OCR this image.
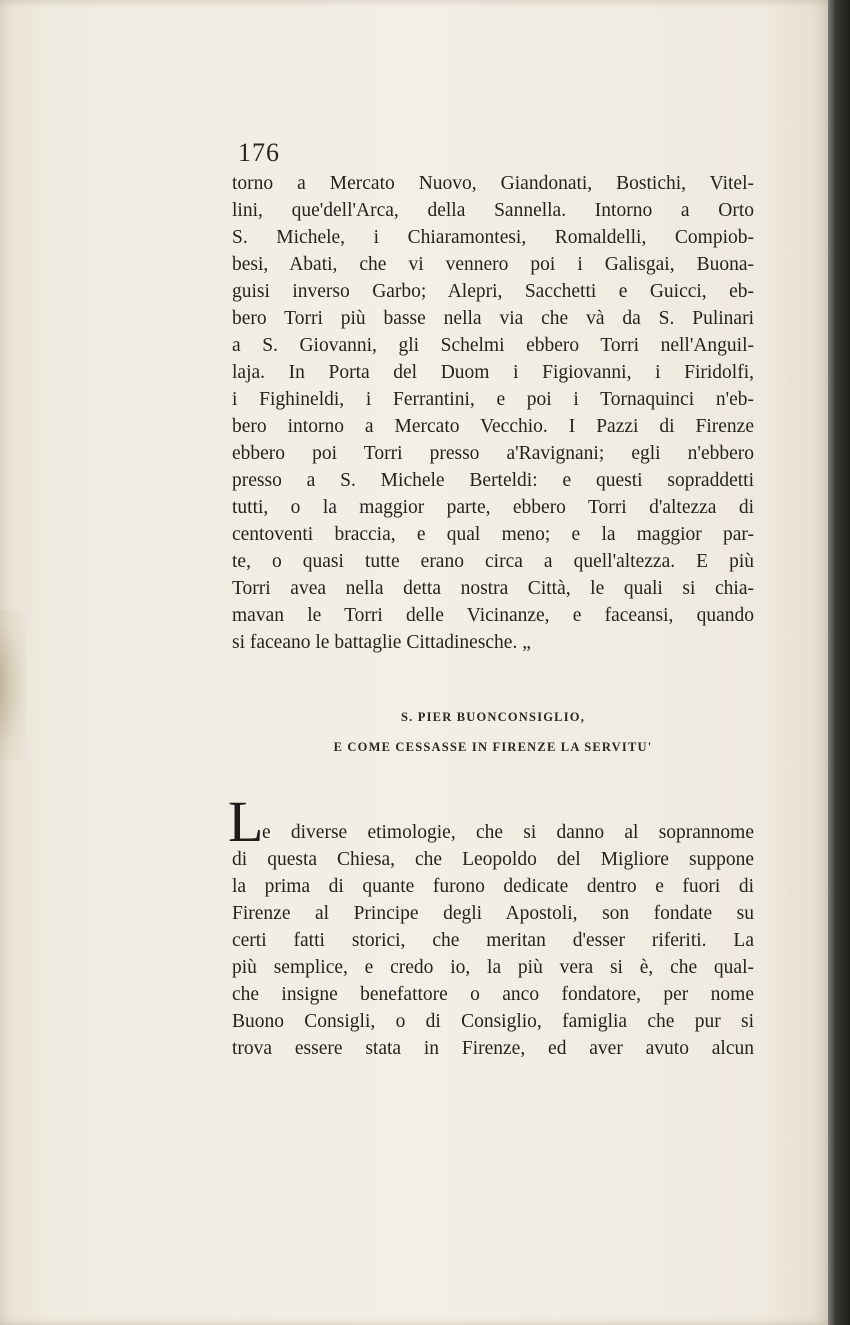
176
torno a Mercato Nuovo, Giandonati, Bostichi, Vitel-
lini, que'dell'Arca, della Sannella. Intorno a Orto
S. Michele, i Chiaramontesi, Romaldelli, Compiob-
besi, Abati, che vi vennero poi i Galisgai, Buona-
guisi inverso Garbo; Alepri, Sacchetti e Guicci, eb-
bero Torri più basse nella via che và da S. Pulinari
a S. Giovanni, gli Schelmi ebbero Torri nell'Anguil-
laja. In Porta del Duom i Figiovanni, i Firidolfi,
i Fighineldi, i Ferrantini, e poi i Tornaquinci n'eb-
bero intorno a Mercato Vecchio. I Pazzi di Firenze
ebbero poi Torri presso a'Ravignani; egli n'ebbero
presso a S. Michele Berteldi: e questi sopraddetti
tutti, o la maggior parte, ebbero Torri d'altezza di
centoventi braccia, e qual meno; e la maggior par-
te, o quasi tutte erano circa a quell'altezza. E più
Torri avea nella detta nostra Città, le quali si chia-
mavan le Torri delle Vicinanze, e faceansi, quando
si faceano le battaglie Cittadinesche. „
S. PIER BUONCONSIGLIO,
E COME CESSASSE IN FIRENZE LA SERVITU'
L
e diverse etimologie, che si danno al soprannome
di questa Chiesa, che Leopoldo del Migliore suppone
la prima di quante furono dedicate dentro e fuori di
Firenze al Principe degli Apostoli, son fondate su
certi fatti storici, che meritan d'esser riferiti. La
più semplice, e credo io, la più vera si è, che qual-
che insigne benefattore o anco fondatore, per nome
Buono Consigli, o di Consiglio, famiglia che pur si
trova essere stata in Firenze, ed aver avuto alcun
